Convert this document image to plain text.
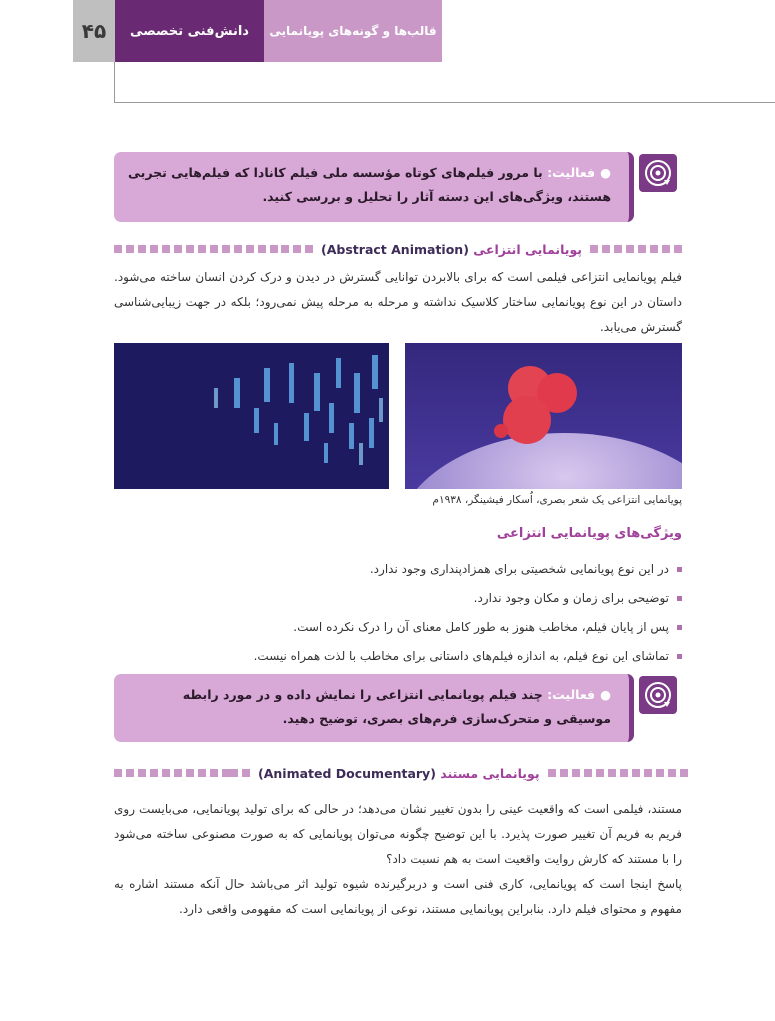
۴۵	دانش‌فنی تخصصی	قالب‌ها و گونه‌های پویانمایی
●فعالیت: با مرور فیلم‌های کوتاه مؤسسه ملی فیلم کانادا که فیلم‌هایی تجربی هستند، ویژگی‌های این دسته آثار را تحلیل و بررسی کنید.
پویانمایی انتزاعی (Abstract Animation)
فیلم پویانمایی انتزاعی فیلمی است که برای بالابردن توانایی گسترش در دیدن و درک کردن انسان ساخته می‌شود. داستان در این نوع پویانمایی ساختار کلاسیک نداشته و مرحله به مرحله پیش نمی‌رود؛ بلکه در جهت زیبایی‌شناسی گسترش می‌یابد.
پویانمایی انتزاعی یک شعر بصری، اُسکار فیشینگر، ۱۹۳۸م
ویژگی‌های پویانمایی انتزاعی
در این نوع پویانمایی شخصیتی برای همزادپنداری وجود ندارد.
توضیحی برای زمان و مکان وجود ندارد.
پس از پایان فیلم، مخاطب هنوز به طور کامل معنای آن را درک نکرده است.
تماشای این نوع فیلم، به اندازه فیلم‌های داستانی برای مخاطب با لذت همراه نیست.
●فعالیت: چند فیلم پویانمایی انتزاعی را نمایش داده و در مورد رابطه موسیقی و متحرک‌سازی فرم‌های بصری، توضیح دهید.
پویانمایی مستند (Animated Documentary)
مستند، فیلمی است که واقعیت عینی را بدون تغییر نشان می‌دهد؛ در حالی که برای تولید پویانمایی، می‌بایست روی فریم به فریم آن تغییر صورت پذیرد. با این توضیح چگونه می‌توان پویانمایی که به صورت مصنوعی ساخته می‌شود را با مستند که کارش روایت واقعیت است به هم نسبت داد؟
پاسخ اینجا است که پویانمایی، کاری فنی است و دربرگیرنده شیوه تولید اثر می‌باشد حال آنکه مستند اشاره به مفهوم و محتوای فیلم دارد. بنابراین پویانمایی مستند، نوعی از پویانمایی است که مفهومی واقعی دارد.
